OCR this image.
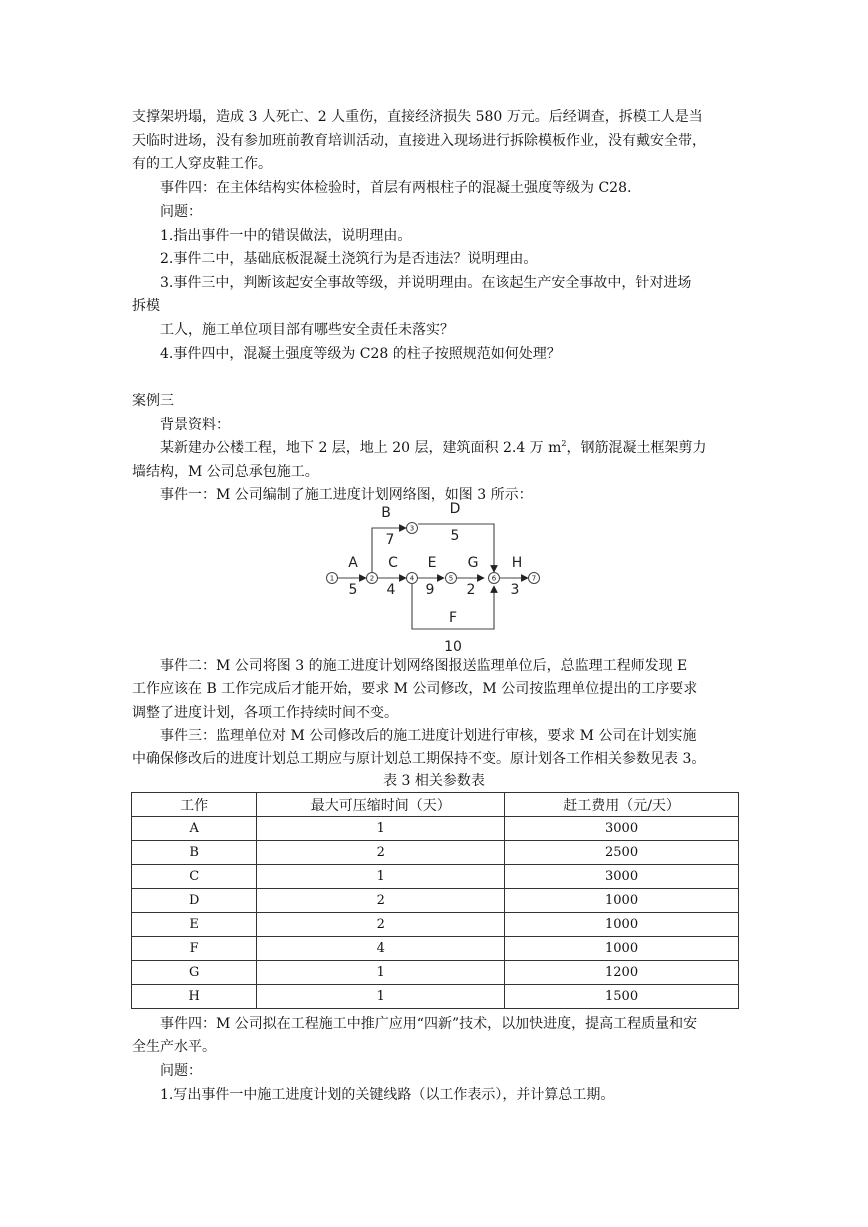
支撑架坍塌，造成 3 人死亡、2 人重伤，直接经济损失 580 万元。后经调查，拆模工人是当
天临时进场，没有参加班前教育培训活动，直接进入现场进行拆除模板作业，没有戴安全带，
有的工人穿皮鞋工作。
事件四：在主体结构实体检验时，首层有两根柱子的混凝土强度等级为 C28.
问题：
1.指出事件一中的错误做法，说明理由。
2.事件二中，基础底板混凝土浇筑行为是否违法？说明理由。
3.事件三中，判断该起安全事故等级，并说明理由。在该起生产安全事故中，针对进场
拆模
工人，施工单位项目部有哪些安全责任未落实？
4.事件四中，混凝土强度等级为 C28 的柱子按照规范如何处理？
案例三
背景资料：
某新建办公楼工程，地下 2 层，地上 20 层，建筑面积 2.4 万 $m^2$，钢筋混凝土框架剪力
墙结构，M 公司总承包施工。
事件一：M 公司编制了施工进度计划网络图，如图 3 所示：
1	2
3
4	5	6	7
A
5
B
7
C
4
D
5
E
9
F
10
G
2
H
3
事件二：M 公司将图 3 的施工进度计划网络图报送监理单位后，总监理工程师发现 E
工作应该在 B 工作完成后才能开始，要求 M 公司修改，M 公司按监理单位提出的工序要求
调整了进度计划，各项工作持续时间不变。
事件三：监理单位对 M 公司修改后的施工进度计划进行审核，要求 M 公司在计划实施
中确保修改后的进度计划总工期应与原计划总工期保持不变。原计划各工作相关参数见表 3。
表 3 相关参数表
工作	最大可压缩时间（天）	赶工费用（元/天）
A	1	3000
B	2	2500
C	1	3000
D	2	1000
E	2	1000
F	4	1000
G	1	1200
H	1	1500
事件四：M 公司拟在工程施工中推广应用“四新”技术，以加快进度，提高工程质量和安
全生产水平。
问题：
1.写出事件一中施工进度计划的关键线路（以工作表示），并计算总工期。
